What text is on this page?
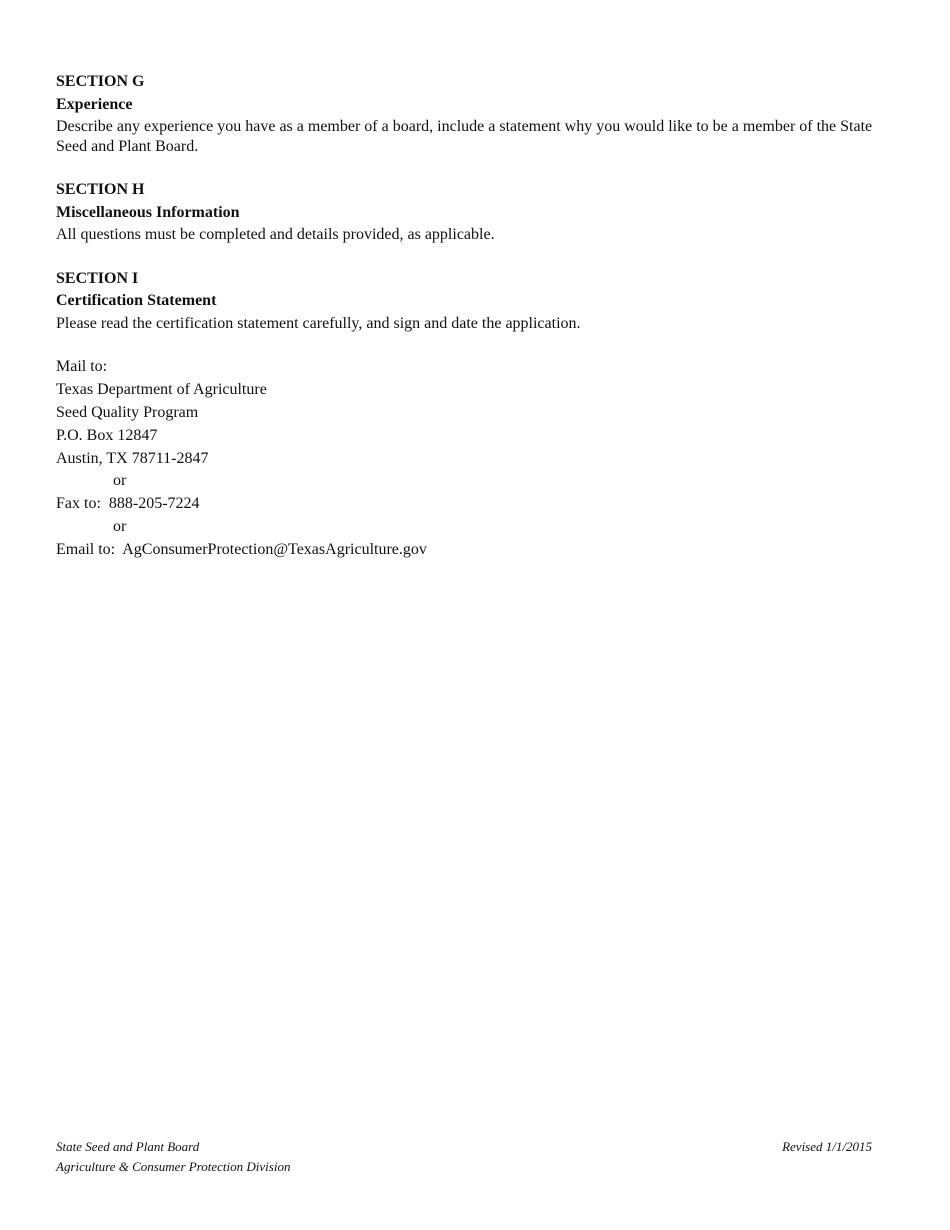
SECTION G
Experience
Describe any experience you have as a member of a board, include a statement why you would like to be a member of the State Seed and Plant Board.
SECTION H
Miscellaneous Information
All questions must be completed and details provided, as applicable.
SECTION I
Certification Statement
Please read the certification statement carefully, and sign and date the application.
Mail to:
Texas Department of Agriculture
Seed Quality Program
P.O. Box 12847
Austin, TX 78711-2847
or
Fax to:  888-205-7224
or
Email to:  AgConsumerProtection@TexasAgriculture.gov
State Seed and Plant Board
Agriculture & Consumer Protection Division
Revised 1/1/2015
